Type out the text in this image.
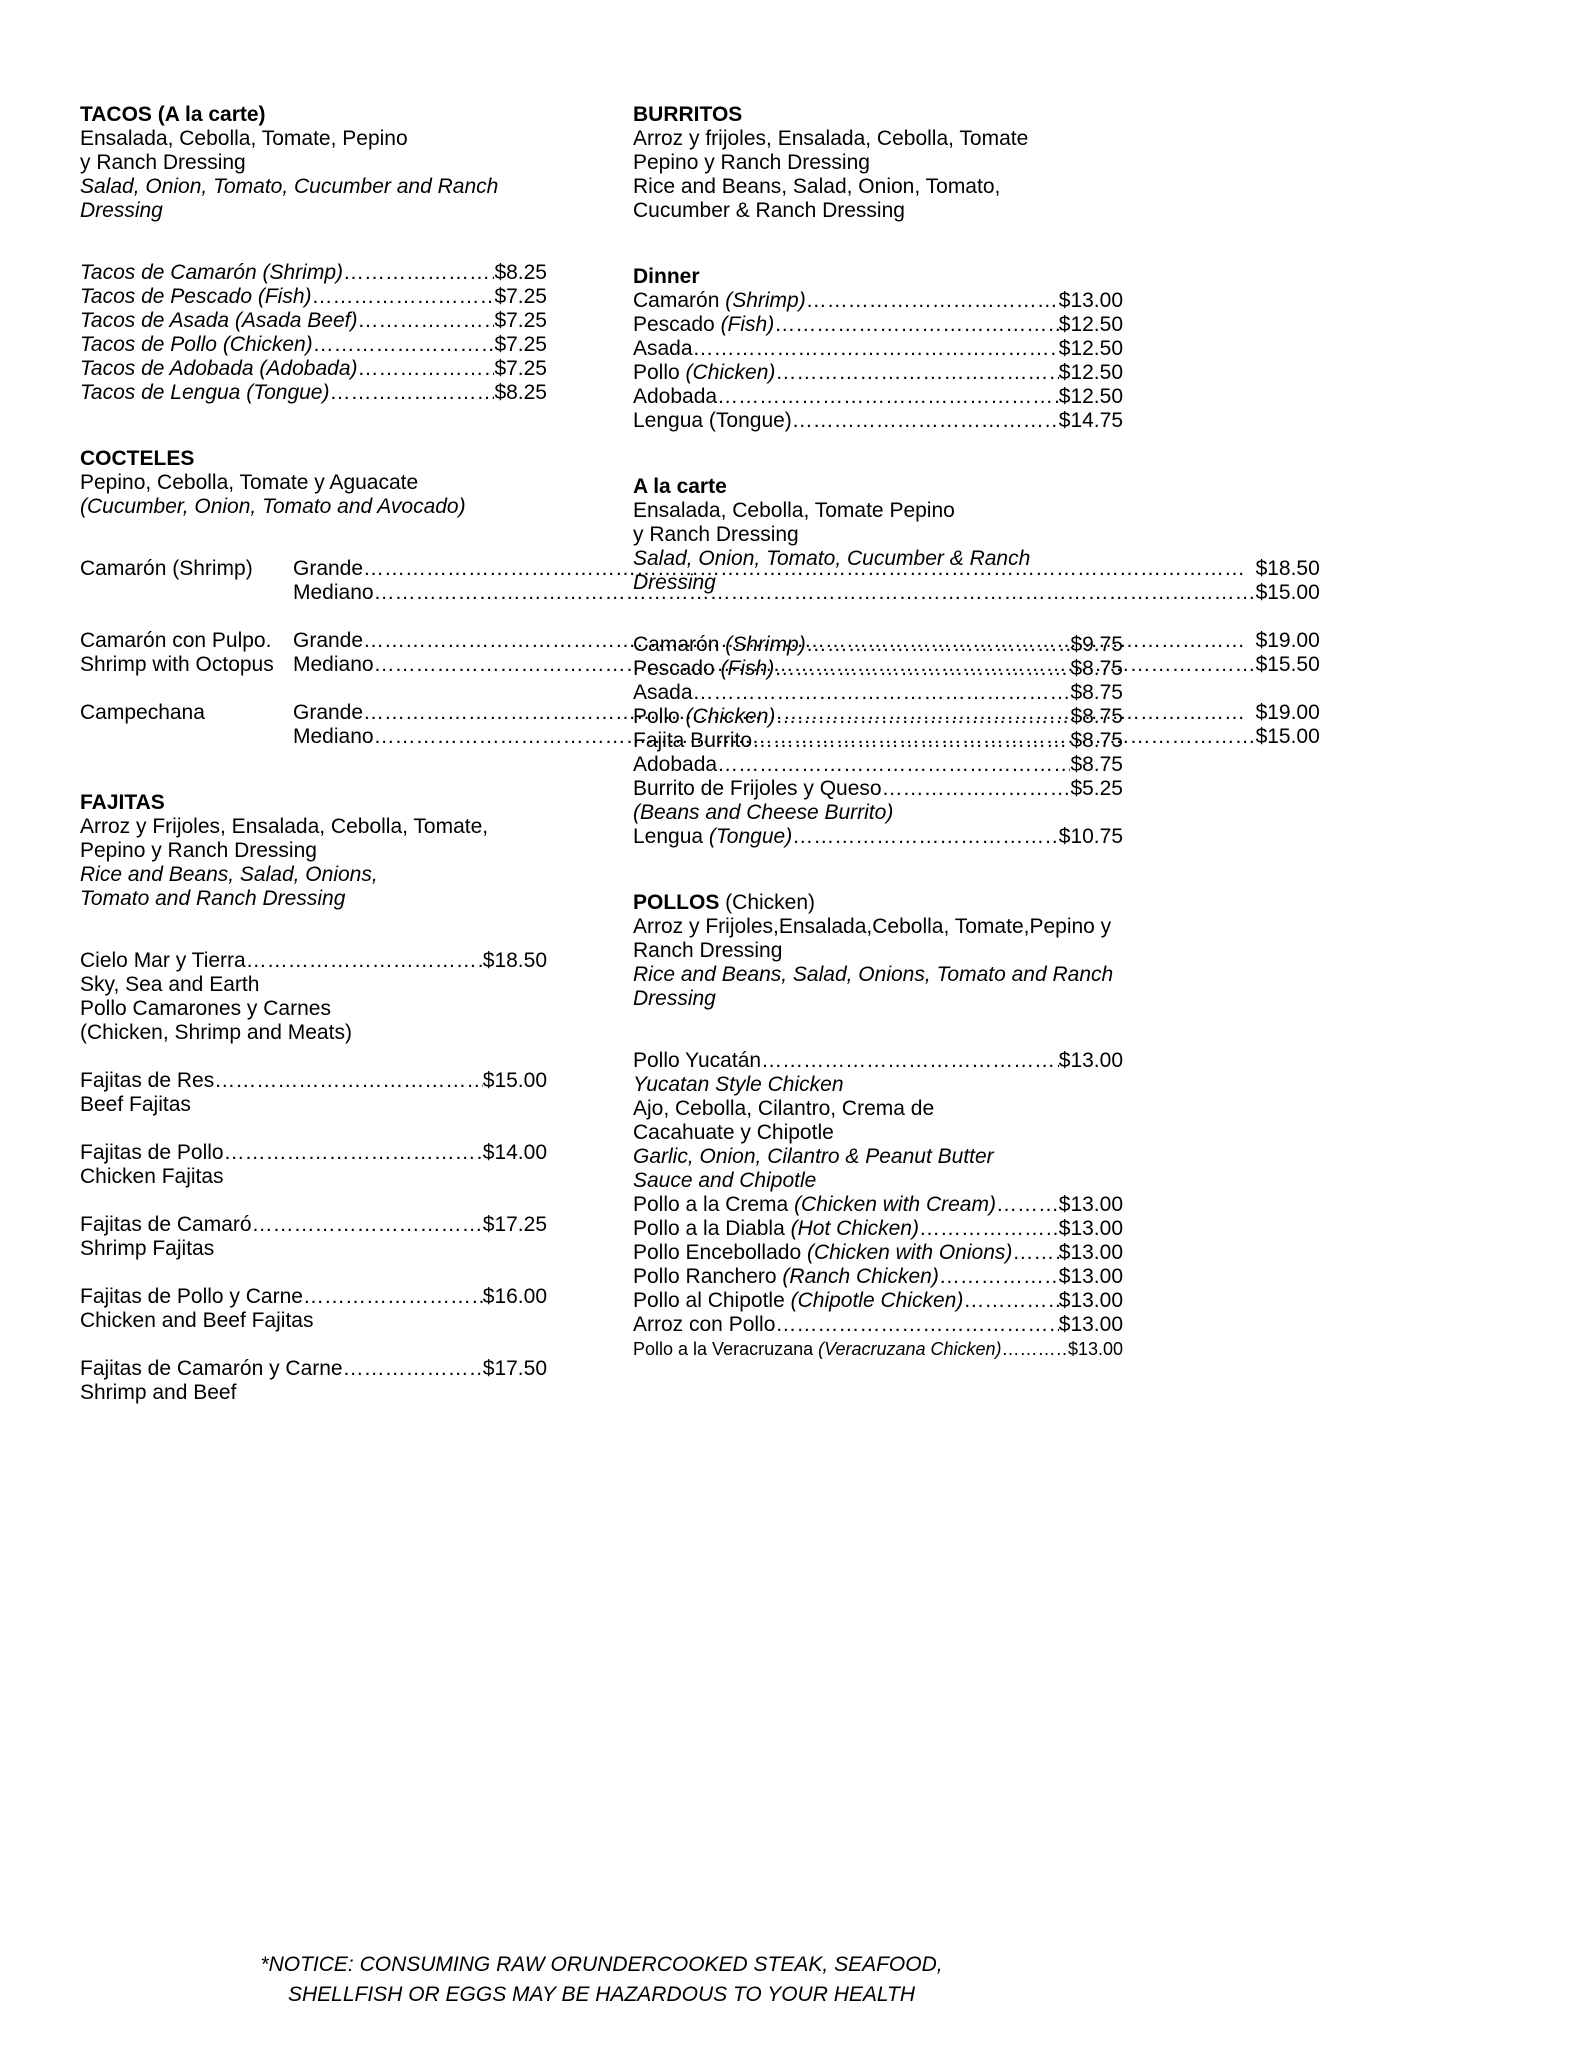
TACOS (A la carte)
Ensalada, Cebolla, Tomate, Pepino
y Ranch Dressing
Salad, Onion, Tomato, Cucumber and Ranch
Dressing
Tacos de Camarón (Shrimp) ………………………………………………………………………………………………………………	$8.25
Tacos de Pescado (Fish) ………………………………………………………………………………………………………………	$7.25
Tacos de Asada (Asada Beef) ………………………………………………………………………………………………………………	$7.25
Tacos de Pollo (Chicken) ………………………………………………………………………………………………………………	$7.25
Tacos de Adobada (Adobada) ………………………………………………………………………………………………………………	$7.25
Tacos de Lengua (Tongue) ………………………………………………………………………………………………………………	$8.25
COCTELES
Pepino, Cebolla, Tomate y Aguacate
(Cucumber, Onion, Tomato and Avocado)
Camarón (Shrimp)	Grande ………………………………………………………………………………………………………………	$18.50
Mediano ………………………………………………………………………………………………………………	$15.00
Camarón con Pulpo.
Shrimp with Octopus
Grande ………………………………………………………………………………………………………………	$19.00
Mediano ………………………………………………………………………………………………………………	$15.50
Campechana	Grande ………………………………………………………………………………………………………………	$19.00
Mediano ………………………………………………………………………………………………………………	$15.00
FAJITAS
Arroz y Frijoles, Ensalada, Cebolla, Tomate,
Pepino y Ranch Dressing
Rice and Beans, Salad, Onions,
Tomato and Ranch Dressing
Cielo Mar y Tierra ………………………………………………………………………………………………………………	$18.50
Sky, Sea and Earth
Pollo Camarones y Carnes
(Chicken, Shrimp and Meats)
Fajitas de Res ………………………………………………………………………………………………………………	$15.00
Beef Fajitas
Fajitas de Pollo ………………………………………………………………………………………………………………	$14.00
Chicken Fajitas
Fajitas de Camaró ………………………………………………………………………………………………………………	$17.25
Shrimp Fajitas
Fajitas de Pollo y Carne ………………………………………………………………………………………………………………	$16.00
Chicken and Beef Fajitas
Fajitas de Camarón y Carne ………………………………………………………………………………………………………………	$17.50
Shrimp and Beef
BURRITOS
Arroz y frijoles, Ensalada, Cebolla, Tomate
Pepino y Ranch Dressing
Rice and Beans, Salad, Onion, Tomato,
Cucumber & Ranch Dressing
Dinner
Camarón (Shrimp) ………………………………………………………………………………………………………………	$13.00
Pescado (Fish) ………………………………………………………………………………………………………………	$12.50
Asada ………………………………………………………………………………………………………………	$12.50
Pollo (Chicken) ………………………………………………………………………………………………………………	$12.50
Adobada ………………………………………………………………………………………………………………	$12.50
Lengua (Tongue) ………………………………………………………………………………………………………………	$14.75
A la carte
Ensalada, Cebolla, Tomate Pepino
y Ranch Dressing
Salad, Onion, Tomato, Cucumber & Ranch
Dressing
Camarón (Shrimp) ………………………………………………………………………………………………………………	$9.75
Pescado (Fish) ………………………………………………………………………………………………………………	$8.75
Asada ………………………………………………………………………………………………………………	$8.75
Pollo (Chicken) ………………………………………………………………………………………………………………	$8.75
Fajita Burrito ………………………………………………………………………………………………………………	$8.75
Adobada ………………………………………………………………………………………………………………	$8.75
Burrito de Frijoles y Queso ………………………………………………………………………………………………………………	$5.25
(Beans and Cheese Burrito)
Lengua (Tongue) ………………………………………………………………………………………………………………	$10.75
POLLOS (Chicken)
Arroz y Frijoles,Ensalada,Cebolla, Tomate,Pepino y
Ranch Dressing
Rice and Beans, Salad, Onions, Tomato and Ranch
Dressing
Pollo Yucatán ………………………………………………………………………………………………………………	$13.00
Yucatan Style Chicken
Ajo, Cebolla, Cilantro, Crema de
Cacahuate y Chipotle
Garlic, Onion, Cilantro & Peanut Butter
Sauce and Chipotle
Pollo a la Crema (Chicken with Cream) ………………………………………………………………………………………………………………	$13.00
Pollo a la Diabla (Hot Chicken) ………………………………………………………………………………………………………………	$13.00
Pollo Encebollado (Chicken with Onions) ……………………………………………………………………………………………………………… $13.00
Pollo Ranchero (Ranch Chicken) ………………………………………………………………………………………………………………	$13.00
Pollo al Chipotle (Chipotle Chicken) ………………………………………………………………………………………………………………	$13.00
Arroz con Pollo ………………………………………………………………………………………………………………	$13.00
Pollo a la Veracruzana (Veracruzana Chicken) ………………………………………………………………………………………………………………	$13.00
*NOTICE: CONSUMING RAW ORUNDERCOOKED STEAK, SEAFOOD,
SHELLFISH OR EGGS MAY BE HAZARDOUS TO YOUR HEALTH
